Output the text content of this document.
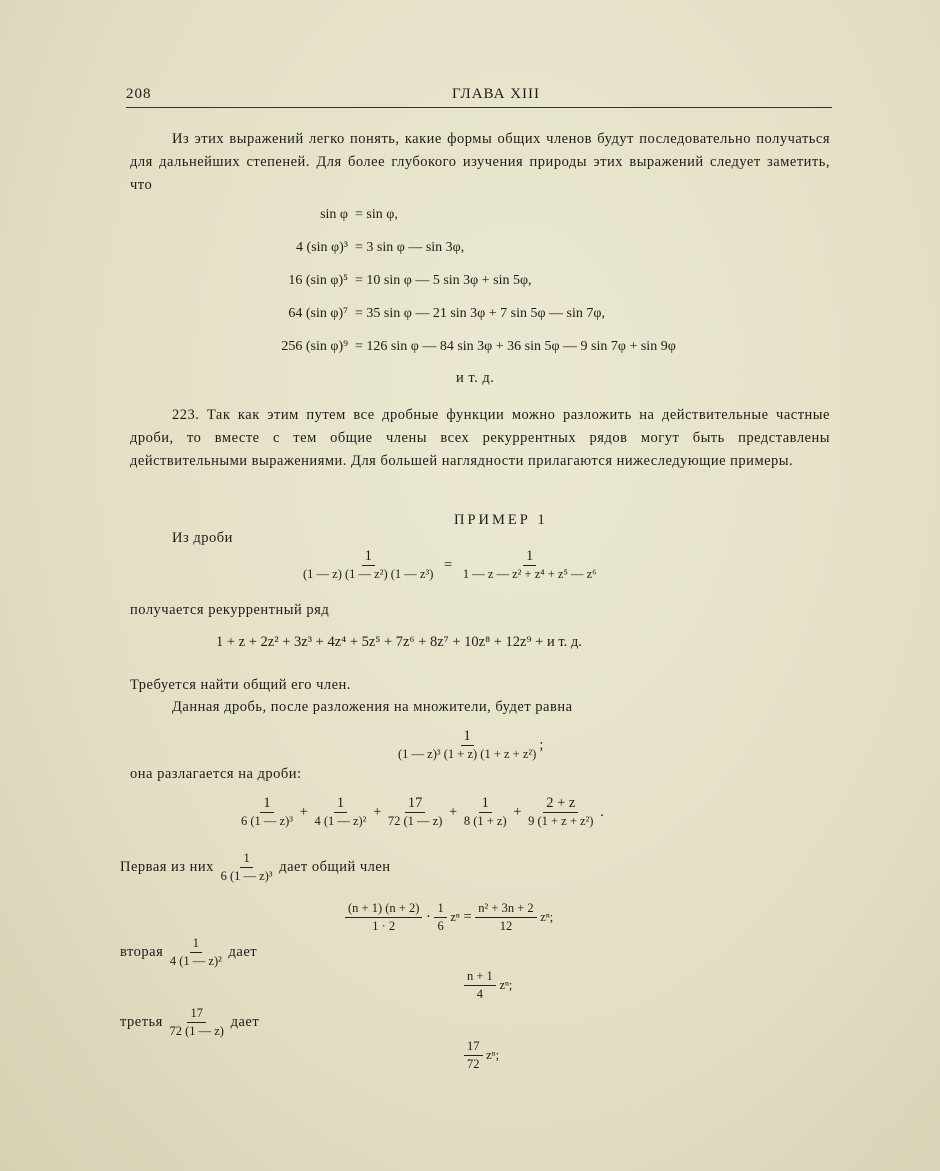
208	ГЛАВА XIII
Из этих выражений легко понять, какие формы общих членов будут последовательно получаться для дальнейших степеней. Для более глубокого изучения природы этих выражений следует заметить, что
sin φ = sin φ,
4 (sin φ)³ = 3 sin φ — sin 3φ,
16 (sin φ)⁵ = 10 sin φ — 5 sin 3φ + sin 5φ,
64 (sin φ)⁷ = 35 sin φ — 21 sin 3φ + 7 sin 5φ — sin 7φ,
256 (sin φ)⁹ = 126 sin φ — 84 sin 3φ + 36 sin 5φ — 9 sin 7φ + sin 9φ
и т. д.
223. Так как этим путем все дробные функции можно разложить на действительные частные дроби, то вместе с тем общие члены всех рекуррентных рядов могут быть представлены действительными выражениями. Для большей наглядности прилагаются нижеследующие примеры.
ПРИМЕР 1
Из дроби
$\frac{1}{\text{(1 — z) (1 — z²) (1 — z³)}} = \frac{1}{\text{1 — z — z² + z⁴ + z⁵ — z⁶}}$
получается рекуррентный ряд
1 + z + 2z² + 3z³ + 4z⁴ + 5z⁵ + 7z⁶ + 8z⁷ + 10z⁸ + 12z⁹ + и т. д.
Требуется найти общий его член.
Данная дробь, после разложения на множители, будет равна
$\frac{1}{\text{(1 — z)³ (1 + z) (1 + z + z²)}}$ ;
она разлагается на дроби:
$\frac{1}{\text{6 (1 — z)³}} + \frac{1}{\text{4 (1 — z)²}} + \frac{17}{72 (1 — z)} + \frac{1}{8 (1 + z)} + \frac{2 + z}{\text{9 (1 + z + z²)}}$ .
Первая из них $\frac{1}{\text{6 (1 — z)³}}$ дает общий член
$\frac{(n + 1) (n + 2)}{1 \cdot 2} \cdot \frac{1}{6}$ $z^n = \frac{\text{n² + 3n + 2}}{12} z^n$;
вторая $\frac{1}{\text{4 (1 — z)²}}$ дает
$\frac{n + 1}{4} z^n$;
третья $\frac{17}{72 (1 — z)}$ дает
$\frac{17}{72} z^n$;
